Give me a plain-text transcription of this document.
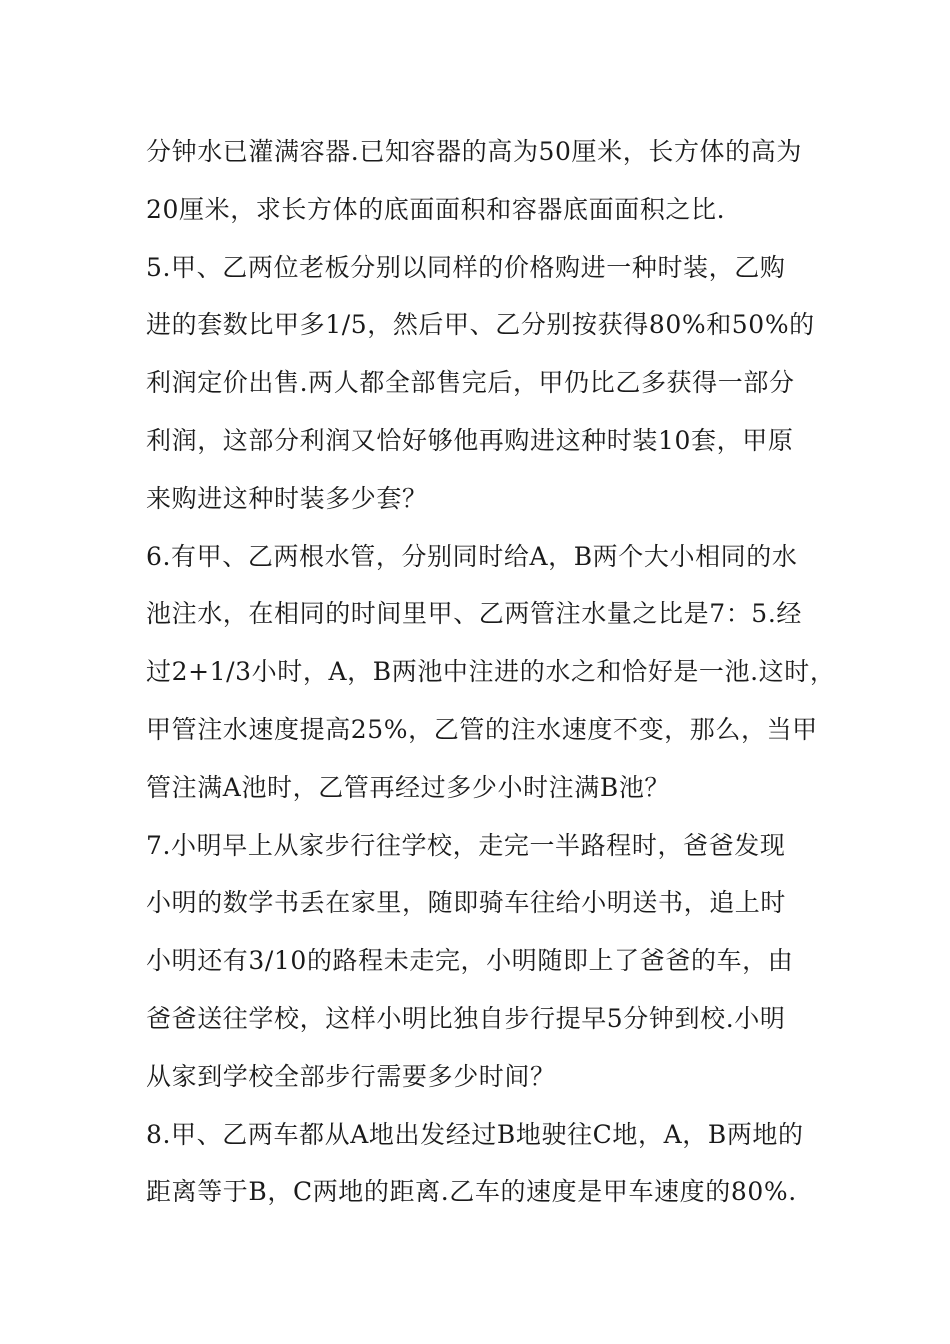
分钟水已灌满容器.已知容器的高为50厘米，长方体的高为
20厘米，求长方体的底面面积和容器底面面积之比.
5.甲、乙两位老板分别以同样的价格购进一种时装，乙购
进的套数比甲多1/5，然后甲、乙分别按获得80%和50%的
利润定价出售.两人都全部售完后，甲仍比乙多获得一部分
利润，这部分利润又恰好够他再购进这种时装10套，甲原
来购进这种时装多少套？
6.有甲、乙两根水管，分别同时给A，B两个大小相同的水
池注水，在相同的时间里甲、乙两管注水量之比是7：5.经
过2+1/3小时，A，B两池中注进的水之和恰好是一池.这时，
甲管注水速度提高25%，乙管的注水速度不变，那么，当甲
管注满A池时，乙管再经过多少小时注满B池？
7.小明早上从家步行往学校，走完一半路程时，爸爸发现
小明的数学书丢在家里，随即骑车往给小明送书，追上时
小明还有3/10的路程未走完，小明随即上了爸爸的车，由
爸爸送往学校，这样小明比独自步行提早5分钟到校.小明
从家到学校全部步行需要多少时间？
8.甲、乙两车都从A地出发经过B地驶往C地，A，B两地的
距离等于B，C两地的距离.乙车的速度是甲车速度的80%.
